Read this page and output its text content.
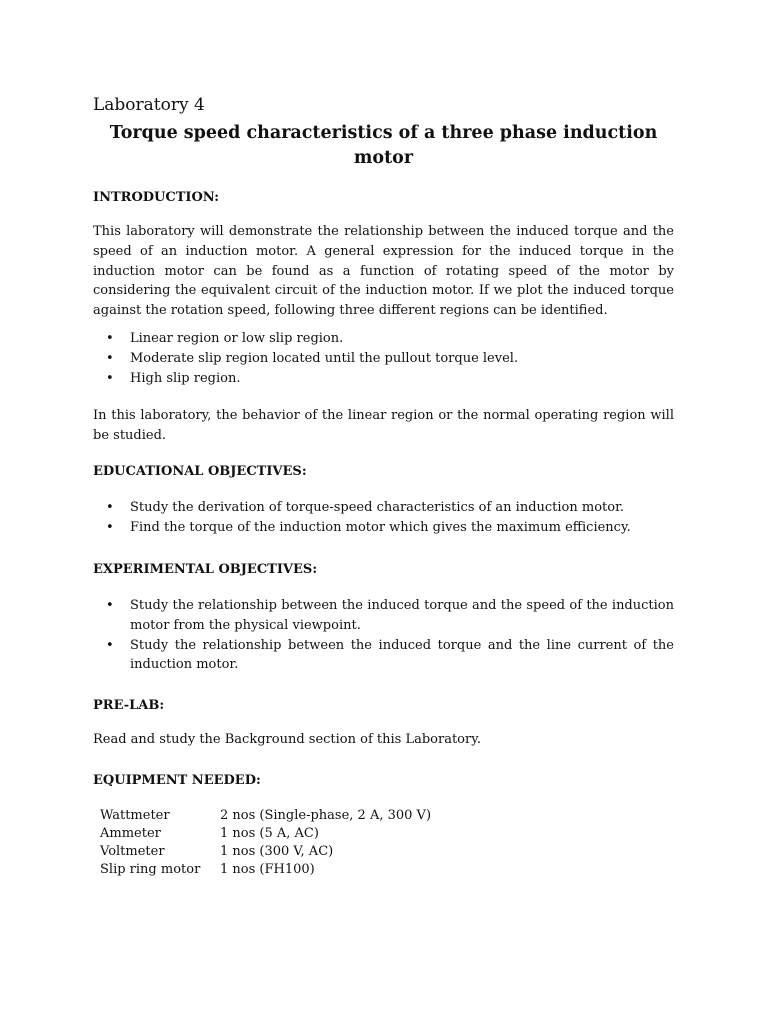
Laboratory 4
Torque speed characteristics of a three phase induction motor
INTRODUCTION:

This laboratory will demonstrate the relationship between the induced torque and the speed of an induction motor. A general expression for the induced torque in the induction motor can be found as a function of rotating speed of the motor by considering the equivalent circuit of the induction motor. If we plot the induced torque against the rotation speed, following three different regions can be identified.

• Linear region or low slip region.
• Moderate slip region located until the pullout torque level.
• High slip region.

In this laboratory, the behavior of the linear region or the normal operating region will be studied.

EDUCATIONAL OBJECTIVES:
• Study the derivation of torque-speed characteristics of an induction motor.
• Find the torque of the induction motor which gives the maximum efficiency.
EXPERIMENTAL OBJECTIVES:
• Study the relationship between the induced torque and the speed of the induction motor from the physical viewpoint.
• Study the relationship between the induced torque and the line current of the induction motor.
PRE-LAB:

Read and study the Background section of this Laboratory.

EQUIPMENT NEEDED:
Wattmeter	2 nos (Single-phase, 2 A, 300 V)
Ammeter	1 nos (5 A, AC)
Voltmeter	1 nos (300 V, AC)
Slip ring motor	1 nos (FH100)
